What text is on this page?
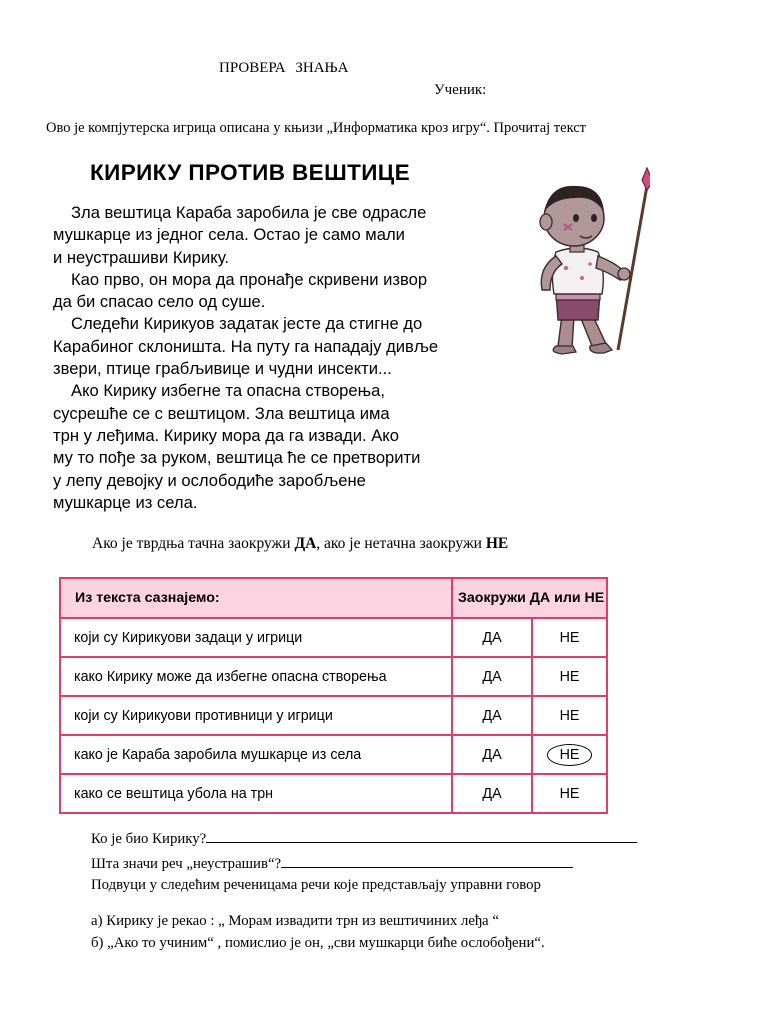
ПРОВЕРА ЗНАЊА
Ученик:
Ово је компјутерска игрица описана у књизи „Информатика кроз игру“. Прочитај текст
КИРИКУ ПРОТИВ ВЕШТИЦЕ
Зла вештица Караба заробила је све одрасле
мушкарце из једног села. Остао је само мали
и неустрашиви Кирику.
Као прво, он мора да пронађе скривени извор
да би спасао село од суше.
Следећи Кирикуов задатак јесте да стигне до
Карабиног склоништа. На путу га нападају дивље
звери, птице грабљивице и чудни инсекти...
Ако Кирику избегне та опасна створења,
сусрешће се с вештицом. Зла вештица има
трн у леђима. Кирику мора да га извади. Ако
му то пође за руком, вештица ће се претворити
у лепу девојку и ослободиће заробљене
мушкарце из села.
Ако је тврдња тачна заокружи ДА, ако је нетачна заокружи НЕ
Из текста сазнајемо:	Заокружи ДА или НЕ	
који су Кирикуови задаци у игрици	ДА	НЕ
како Кирику може да избегне опасна створења	ДА	НЕ
који су Кирикуови противници у игрици	ДА	НЕ
како је Караба заробила мушкарце из села	ДА	НЕ
како се вештица убола на трн	ДА	НЕ
Ко је био Кирику?
Шта значи реч „неустрашив“?
Подвуци у следећим реченицама речи које представљају управни говор
а) Кирику је рекао : „ Морам извадити трн из вештичиних леђа “
б) „Ако то учиним“ , помислио је он, „сви мушкарци биће ослобођени“.
